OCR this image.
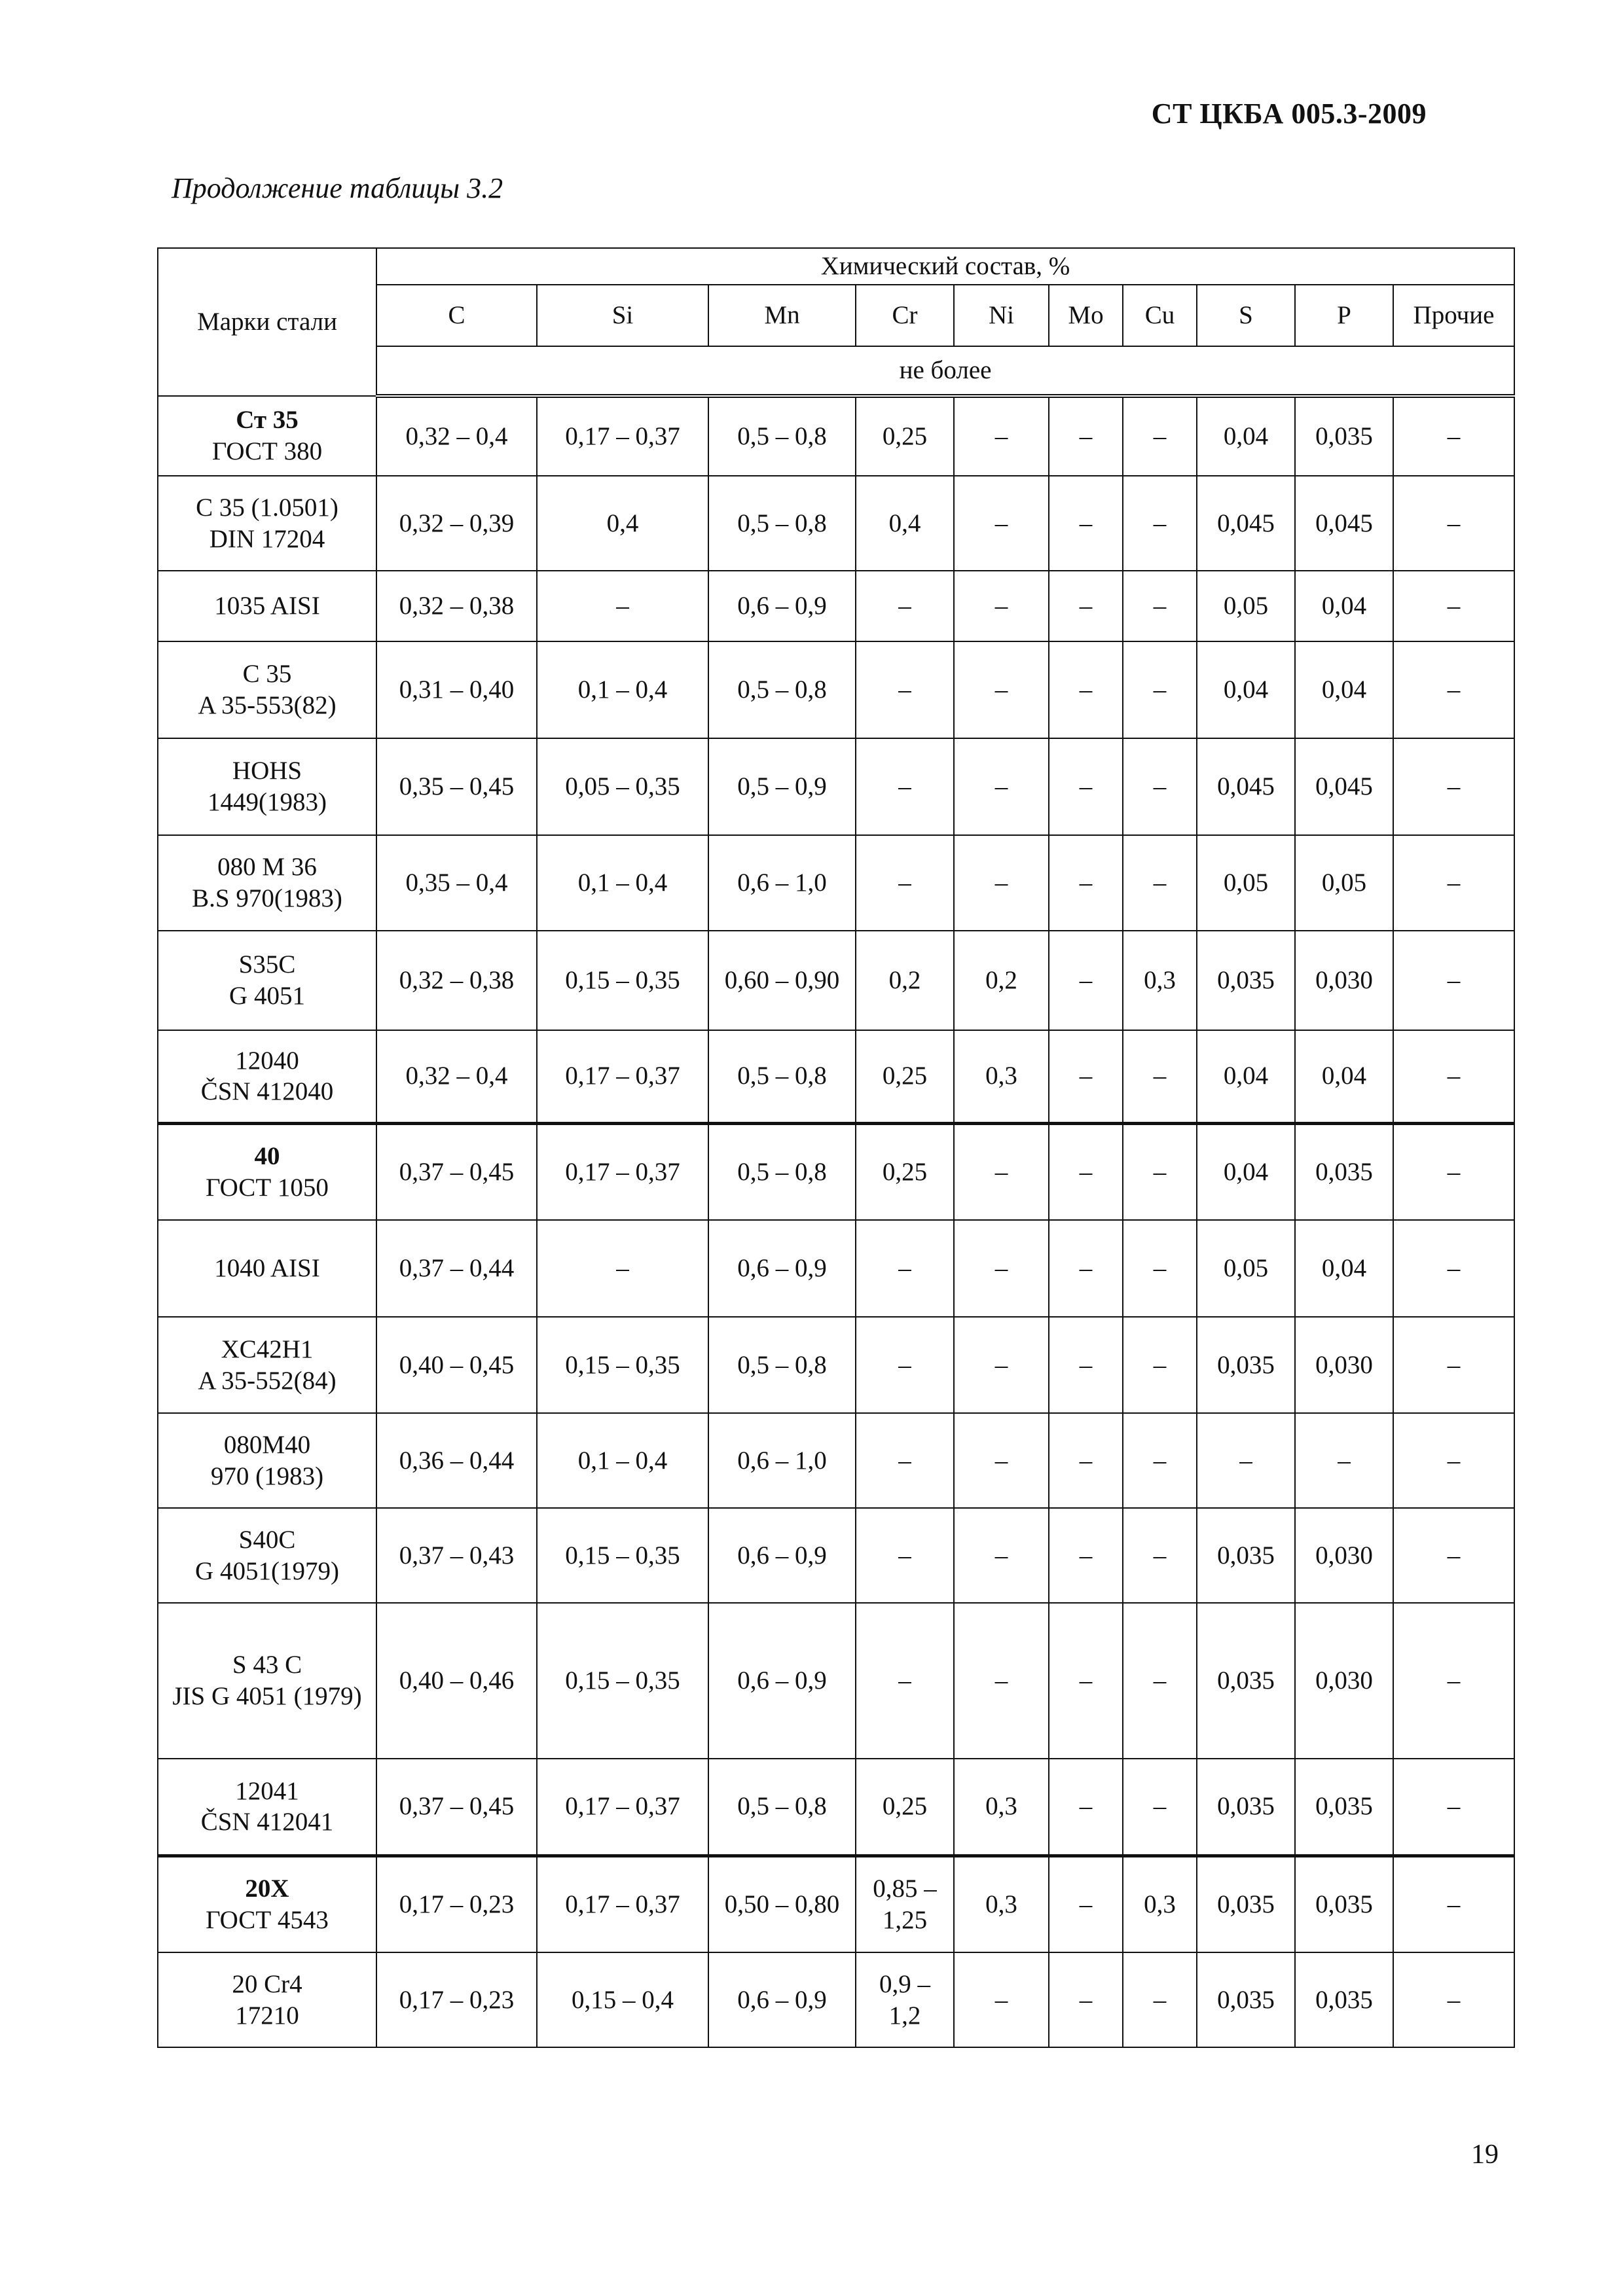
СТ ЦКБА 005.3-2009
Продолжение таблицы 3.2
Марки стали	Химический состав, %									
	C	Si	Mn	Cr	Ni	Mo	Cu	S	P	Прочие
	не более									

Ст 35
ГОСТ 380	0,32 – 0,4	0,17 – 0,37	0,5 – 0,8	0,25	–	–	–	0,04	0,035	–

C 35 (1.0501)
DIN 17204	0,32 – 0,39	0,4	0,5 – 0,8	0,4	–	–	–	0,045	0,045	–

1035 AISI	0,32 – 0,38	–	0,6 – 0,9	–	–	–	–	0,05	0,04	–

C 35
A 35-553(82)	0,31 – 0,40	0,1 – 0,4	0,5 – 0,8	–	–	–	–	0,04	0,04	–

HOHS
1449(1983)	0,35 – 0,45	0,05 – 0,35	0,5 – 0,9	–	–	–	–	0,045	0,045	–

080 M 36
B.S 970(1983)	0,35 – 0,4	0,1 – 0,4	0,6 – 1,0	–	–	–	–	0,05	0,05	–

S35C
G 4051	0,32 – 0,38	0,15 – 0,35	0,60 – 0,90	0,2	0,2	–	0,3	0,035	0,030	–

12040
ČSN 412040	0,32 – 0,4	0,17 – 0,37	0,5 – 0,8	0,25	0,3	–	–	0,04	0,04	–

40
ГОСТ 1050	0,37 – 0,45	0,17 – 0,37	0,5 – 0,8	0,25	–	–	–	0,04	0,035	–

1040 AISI	0,37 – 0,44	–	0,6 – 0,9	–	–	–	–	0,05	0,04	–

XC42H1
A 35-552(84)	0,40 – 0,45	0,15 – 0,35	0,5 – 0,8	–	–	–	–	0,035	0,030	–

080M40
970 (1983)	0,36 – 0,44	0,1 – 0,4	0,6 – 1,0	–	–	–	–	–	–	–

S40C
G 4051(1979)	0,37 – 0,43	0,15 – 0,35	0,6 – 0,9	–	–	–	–	0,035	0,030	–

S 43 C
JIS G 4051 (1979)	0,40 – 0,46	0,15 – 0,35	0,6 – 0,9	–	–	–	–	0,035	0,030	–

12041
ČSN 412041	0,37 – 0,45	0,17 – 0,37	0,5 – 0,8	0,25	0,3	–	–	0,035	0,035	–

20X
ГОСТ 4543	0,17 – 0,23	0,17 – 0,37	0,50 – 0,80	0,85 – 1,25	0,3	–	0,3	0,035	0,035	–

20 Cr4
17210	0,17 – 0,23	0,15 – 0,4	0,6 – 0,9	0,9 – 1,2	–	–	–	0,035	0,035	–
19
